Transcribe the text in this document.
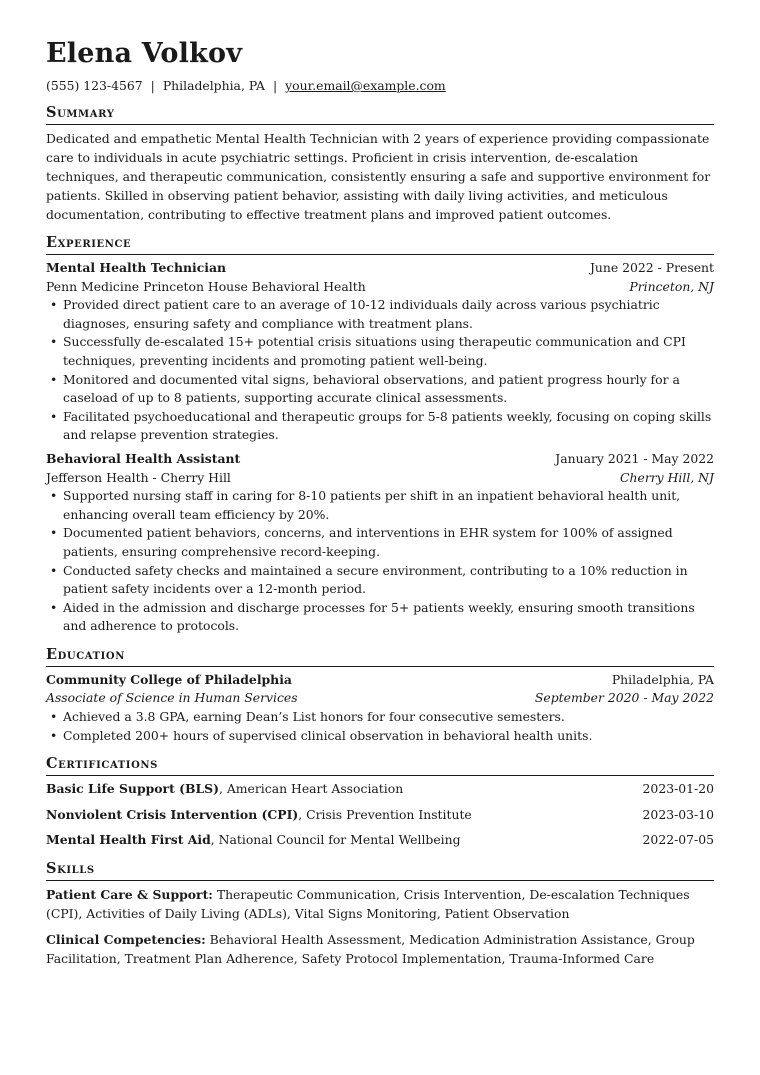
Elena Volkov
(555) 123-4567 | Philadelphia, PA | your.email@example.com
Summary

Dedicated and empathetic Mental Health Technician with 2 years of experience providing compassionate care to individuals in acute psychiatric settings. Proficient in crisis intervention, de-escalation techniques, and therapeutic communication, consistently ensuring a safe and supportive environment for patients. Skilled in observing patient behavior, assisting with daily living activities, and meticulous documentation, contributing to effective treatment plans and improved patient outcomes.

Experience
Mental Health Technician	June 2022 - Present
Penn Medicine Princeton House Behavioral Health	Princeton, NJ
• Provided direct patient care to an average of 10-12 individuals daily across various psychiatric diagnoses, ensuring safety and compliance with treatment plans.
• Successfully de-escalated 15+ potential crisis situations using therapeutic communication and CPI techniques, preventing incidents and promoting patient well-being.
• Monitored and documented vital signs, behavioral observations, and patient progress hourly for a caseload of up to 8 patients, supporting accurate clinical assessments.
• Facilitated psychoeducational and therapeutic groups for 5-8 patients weekly, focusing on coping skills and relapse prevention strategies.
Behavioral Health Assistant	January 2021 - May 2022
Jefferson Health - Cherry Hill	Cherry Hill, NJ
• Supported nursing staff in caring for 8-10 patients per shift in an inpatient behavioral health unit, enhancing overall team efficiency by 20%.
• Documented patient behaviors, concerns, and interventions in EHR system for 100% of assigned patients, ensuring comprehensive record-keeping.
• Conducted safety checks and maintained a secure environment, contributing to a 10% reduction in patient safety incidents over a 12-month period.
• Aided in the admission and discharge processes for 5+ patients weekly, ensuring smooth transitions and adherence to protocols.
Education
Community College of Philadelphia	Philadelphia, PA
Associate of Science in Human Services	September 2020 - May 2022
• Achieved a 3.8 GPA, earning Dean’s List honors for four consecutive semesters.
• Completed 200+ hours of supervised clinical observation in behavioral health units.
Certifications
Basic Life Support (BLS), American Heart Association	2023-01-20
Nonviolent Crisis Intervention (CPI), Crisis Prevention Institute	2023-03-10
Mental Health First Aid, National Council for Mental Wellbeing	2022-07-05
Skills

Patient Care & Support: Therapeutic Communication, Crisis Intervention, De-escalation Techniques (CPI), Activities of Daily Living (ADLs), Vital Signs Monitoring, Patient Observation

Clinical Competencies: Behavioral Health Assessment, Medication Administration Assistance, Group Facilitation, Treatment Plan Adherence, Safety Protocol Implementation, Trauma-Informed Care
